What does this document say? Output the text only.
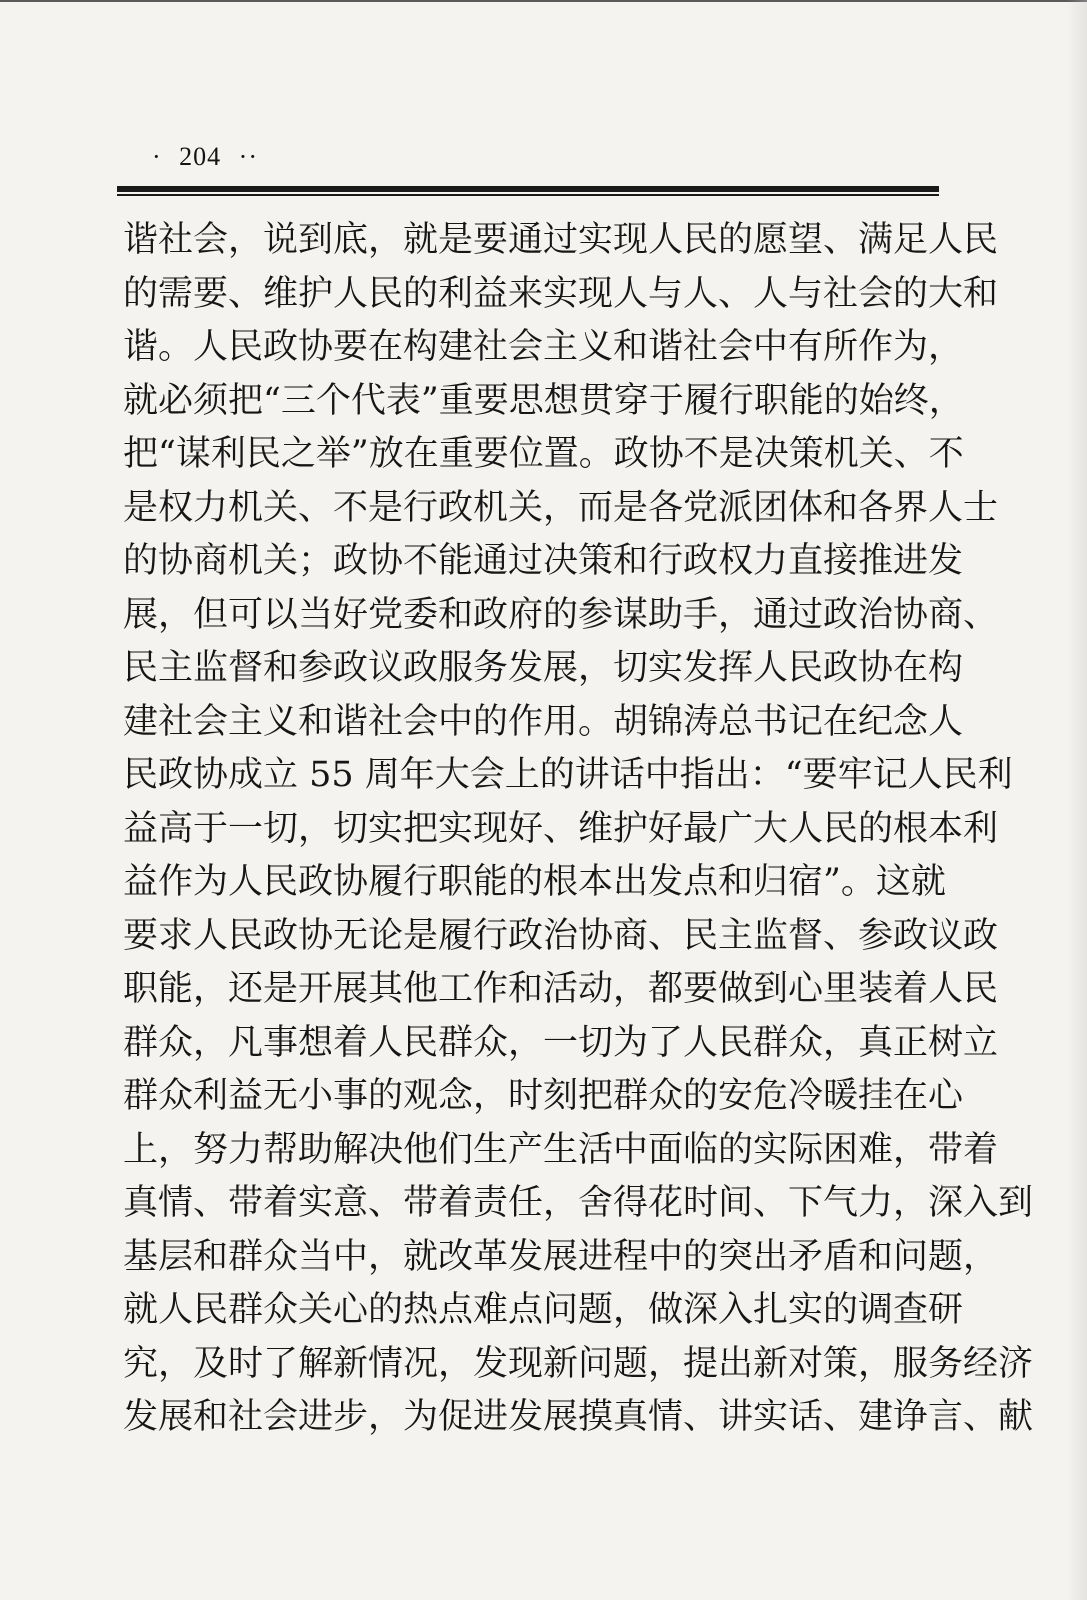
· 204 ··
谐社会，说到底，就是要通过实现人民的愿望、满足人民
的需要、维护人民的利益来实现人与人、人与社会的大和
谐。人民政协要在构建社会主义和谐社会中有所作为，
就必须把“三个代表”重要思想贯穿于履行职能的始终，
把“谋利民之举”放在重要位置。政协不是决策机关、不
是权力机关、不是行政机关，而是各党派团体和各界人士
的协商机关；政协不能通过决策和行政权力直接推进发
展，但可以当好党委和政府的参谋助手，通过政治协商、
民主监督和参政议政服务发展，切实发挥人民政协在构
建社会主义和谐社会中的作用。胡锦涛总书记在纪念人
民政协成立 55 周年大会上的讲话中指出：“要牢记人民利
益高于一切，切实把实现好、维护好最广大人民的根本利
益作为人民政协履行职能的根本出发点和归宿”。这就
要求人民政协无论是履行政治协商、民主监督、参政议政
职能，还是开展其他工作和活动，都要做到心里装着人民
群众，凡事想着人民群众，一切为了人民群众，真正树立
群众利益无小事的观念，时刻把群众的安危冷暖挂在心
上，努力帮助解决他们生产生活中面临的实际困难，带着
真情、带着实意、带着责任，舍得花时间、下气力，深入到
基层和群众当中，就改革发展进程中的突出矛盾和问题，
就人民群众关心的热点难点问题，做深入扎实的调查研
究，及时了解新情况，发现新问题，提出新对策，服务经济
发展和社会进步，为促进发展摸真情、讲实话、建诤言、献
